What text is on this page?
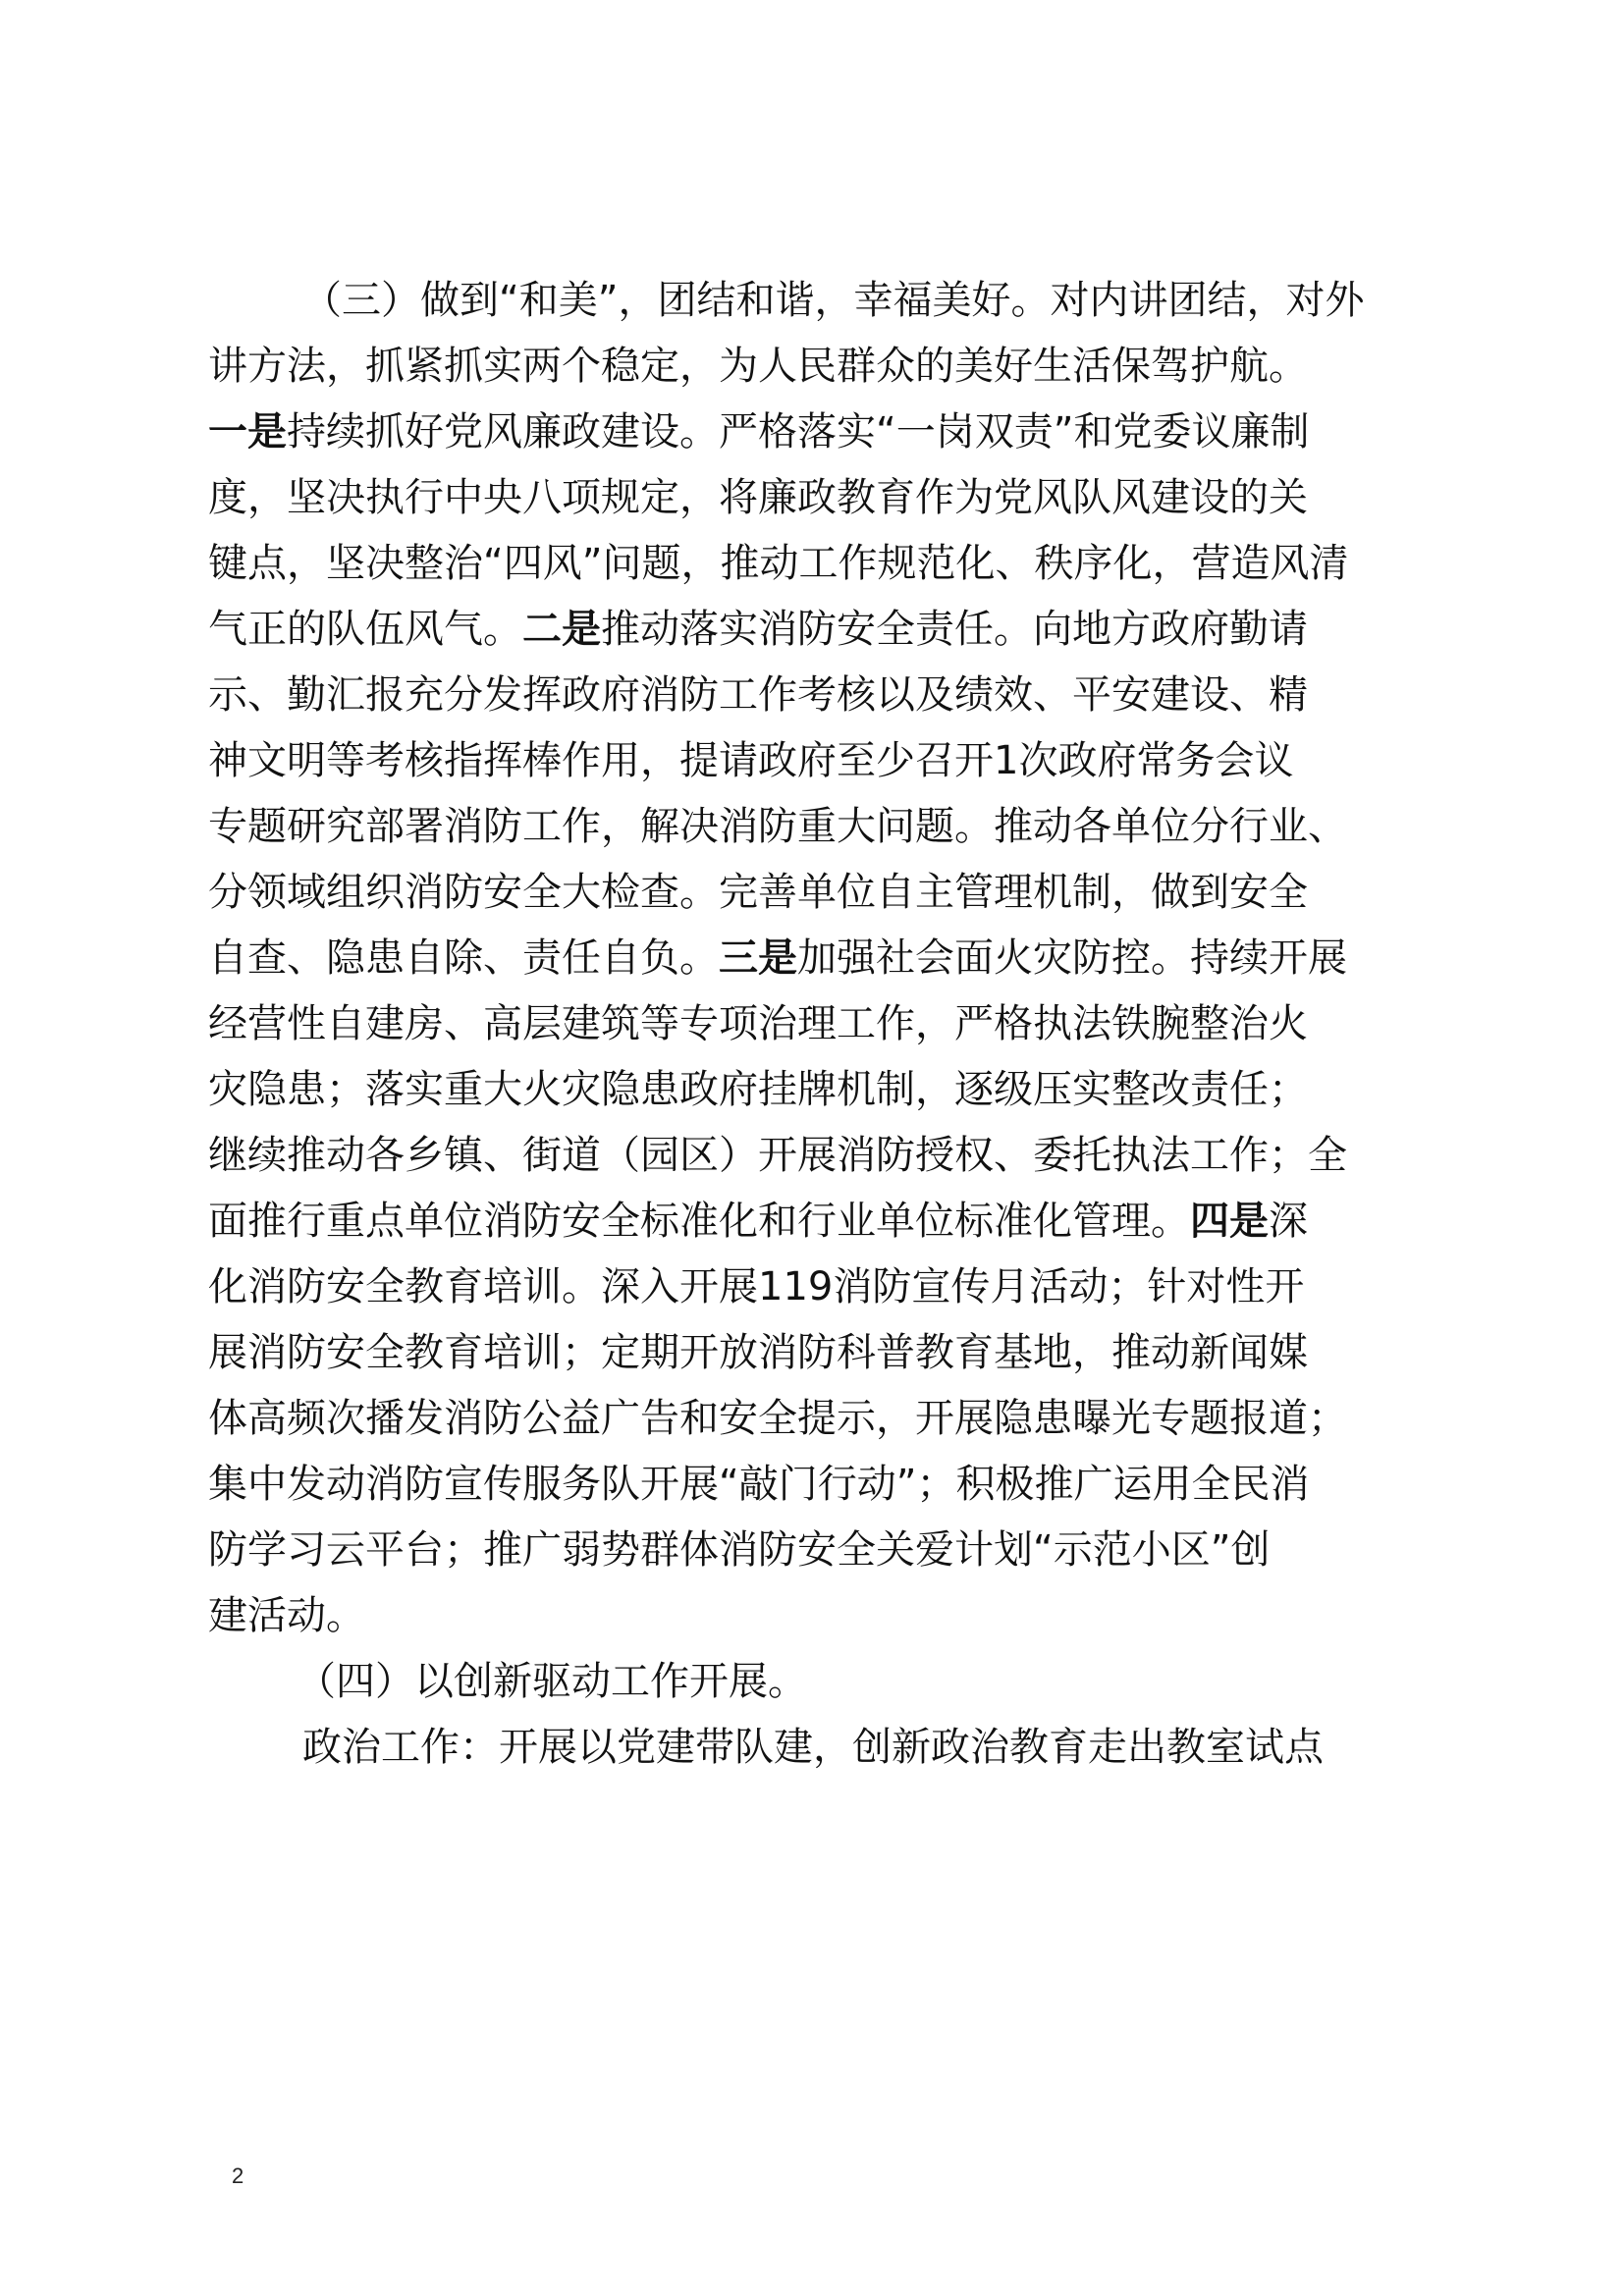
（三）做到“和美”，团结和谐，幸福美好。对内讲团结，对外
讲方法，抓紧抓实两个稳定，为人民群众的美好生活保驾护航。
一是持续抓好党风廉政建设。严格落实“一岗双责”和党委议廉制
度，坚决执行中央八项规定，将廉政教育作为党风队风建设的关
键点，坚决整治“四风”问题，推动工作规范化、秩序化，营造风清
气正的队伍风气。二是推动落实消防安全责任。向地方政府勤请
示、勤汇报充分发挥政府消防工作考核以及绩效、平安建设、精
神文明等考核指挥棒作用，提请政府至少召开1次政府常务会议
专题研究部署消防工作，解决消防重大问题。推动各单位分行业、
分领域组织消防安全大检查。完善单位自主管理机制，做到安全
自查、隐患自除、责任自负。三是加强社会面火灾防控。持续开展
经营性自建房、高层建筑等专项治理工作，严格执法铁腕整治火
灾隐患；落实重大火灾隐患政府挂牌机制，逐级压实整改责任；
继续推动各乡镇、街道（园区）开展消防授权、委托执法工作；全
面推行重点单位消防安全标准化和行业单位标准化管理。四是深
化消防安全教育培训。深入开展119消防宣传月活动；针对性开
展消防安全教育培训；定期开放消防科普教育基地，推动新闻媒
体高频次播发消防公益广告和安全提示，开展隐患曝光专题报道；
集中发动消防宣传服务队开展“敲门行动”；积极推广运用全民消
防学习云平台；推广弱势群体消防安全关爱计划“示范小区”创
建活动。
（四）以创新驱动工作开展。
政治工作：开展以党建带队建，创新政治教育走出教室试点
2
